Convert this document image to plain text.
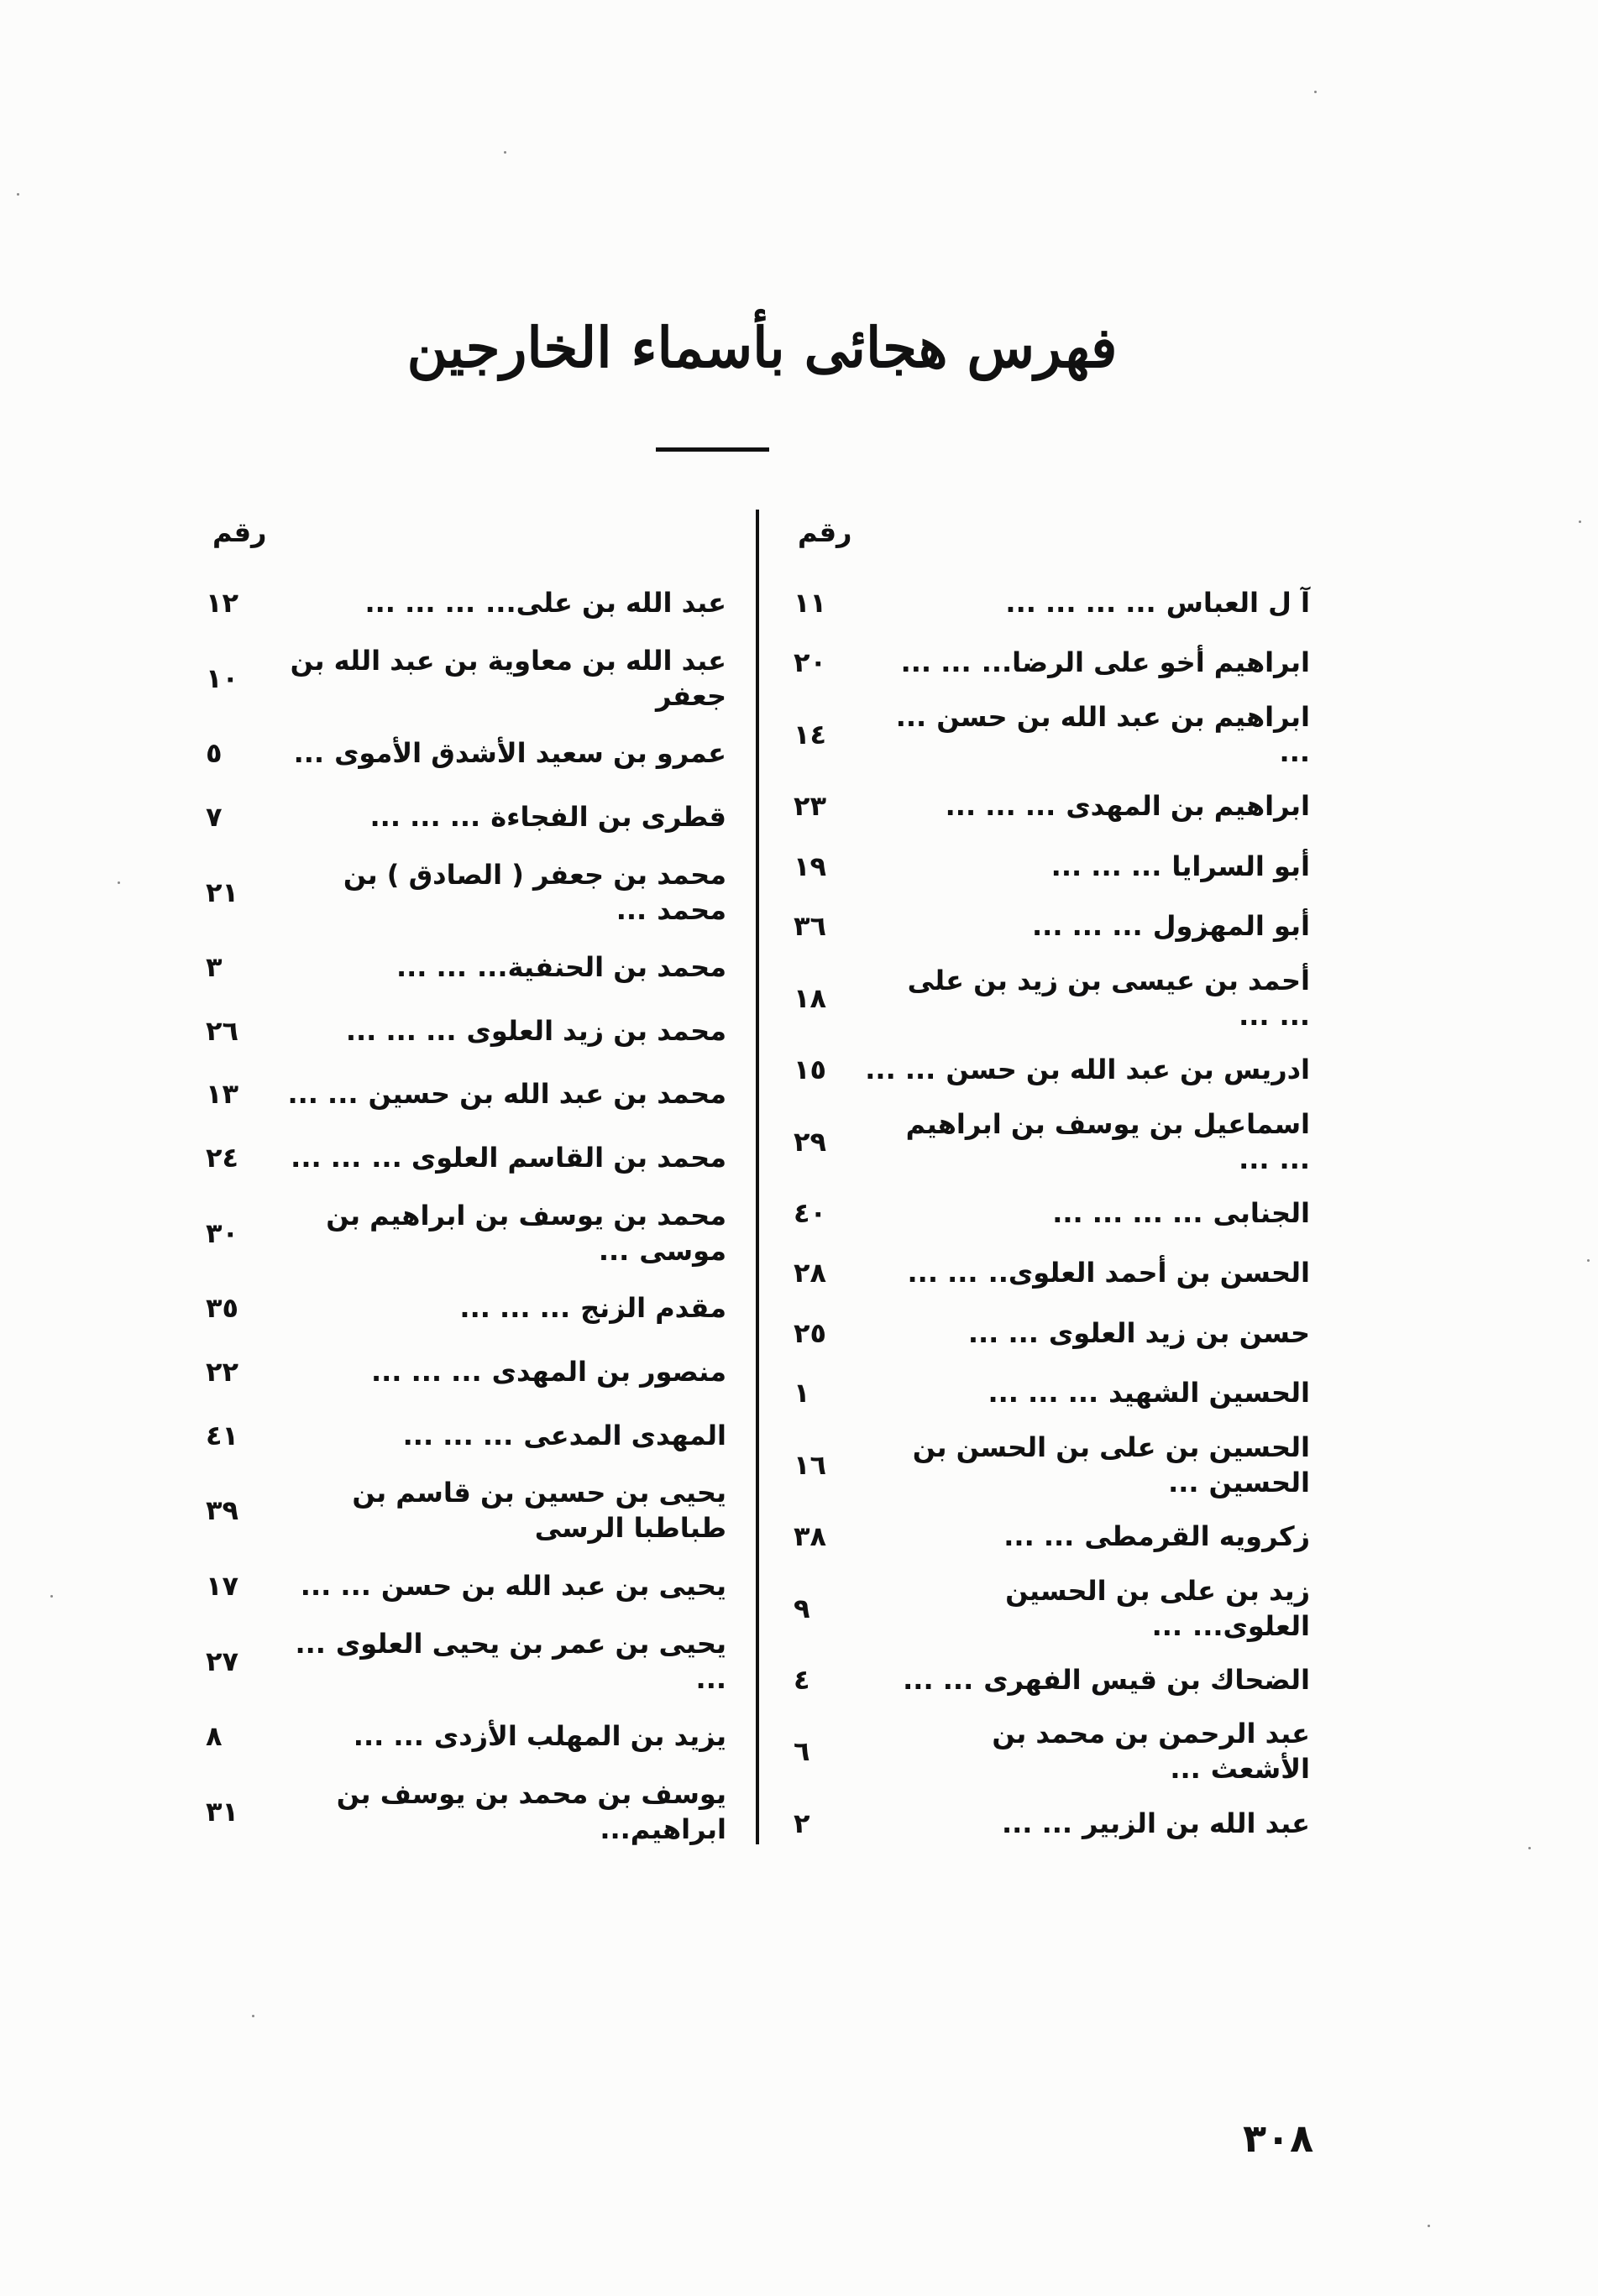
فهرس هجائى بأسماء الخارجين
رقم
رقم
آ ل العباس... ... ... ...
١١
ابراهيم أخو على الرضا...... ...
٢٠
ابراهيم بن عبد الله بن حسن... ...
١٤
ابراهيم بن المهدى... ... ...
٢٣
أبو السرايا... ... ...
١٩
أبو المهزول... ... ...
٣٦
أحمد بن عيسى بن زيد بن على ......
١٨
ادريس بن عبد الله بن حسن... ...
١٥
اسماعيل بن يوسف بن ابراهيم ......
٢٩
الجنابى... ... ... ...
٤٠
الحسن بن أحمد العلوى..... ...
٢٨
حسن بن زيد العلوى... ...
٢٥
الحسين الشهيد... ... ...
١
الحسين بن على بن الحسن بن الحسين...
١٦
زكرويه القرمطى... ...
٣٨
زيد بن على بن الحسين العلوى......
٩
الضحاك بن قيس الفهرى... ...
٤
عبد الرحمن بن محمد بن الأشعث...
٦
عبد الله بن الزبير... ...
٢
عبد الله بن على...... ... ...
١٢
عبد الله بن معاوية بن عبد الله بن جعفر
١٠
عمرو بن سعيد الأشدق الأموى...
٥
قطرى بن الفجاءة... ... ...
٧
محمد بن جعفر ( الصادق ) بن محمد...
٢١
محمد بن الحنفية...... ...
٣
محمد بن زيد العلوى... ... ...
٢٦
محمد بن عبد الله بن حسين... ...
١٣
محمد بن القاسم العلوى ...... ...
٢٤
محمد بن يوسف بن ابراهيم بن موسى...
٣٠
مقدم الزنج... ... ...
٣٥
منصور بن المهدى... ... ...
٢٢
المهدى المدعى... ... ...
٤١
يحيى بن حسين بن قاسم بن طباطبا الرسى
٣٩
يحيى بن عبد الله بن حسن... ...
١٧
يحيى بن عمر بن يحيى العلوى... ...
٢٧
يزيد بن المهلب الأزدى... ...
٨
يوسف بن محمد بن يوسف بن ابراهيم...
٣١
٣٠٨
